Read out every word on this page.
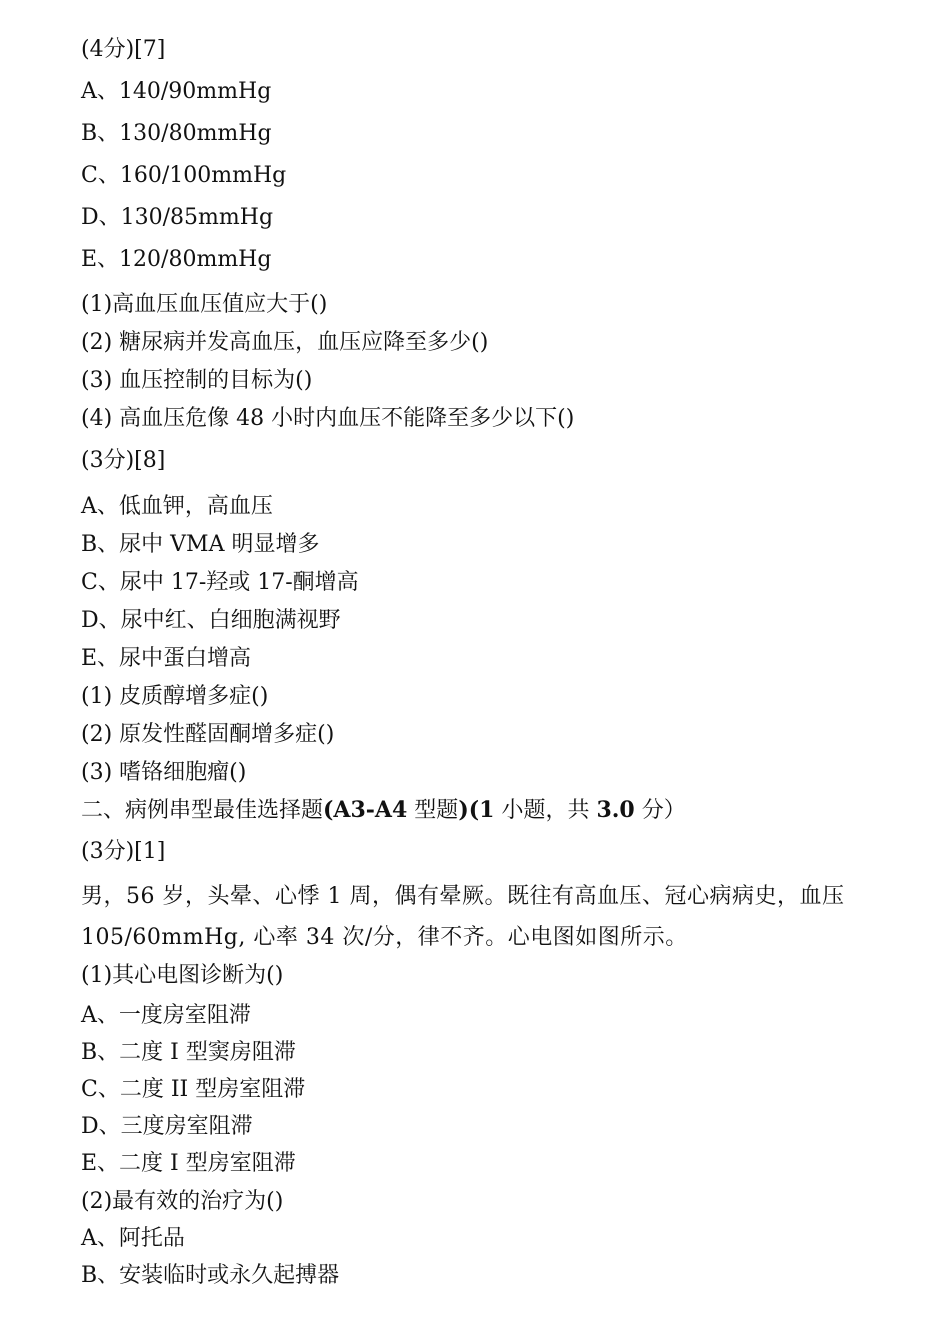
(4分)[7]
A、140/90mmHg
B、130/80mmHg
C、160/100mmHg
D、130/85mmHg
E、120/80mmHg
(1)高血压血压值应大于()
(2) 糖尿病并发高血压，血压应降至多少()
(3) 血压控制的目标为()
(4) 高血压危像 48 小时内血压不能降至多少以下()
(3分)[8]
A、低血钾，高血压
B、尿中 VMA 明显增多
C、尿中 17-羟或 17-酮增高
D、尿中红、白细胞满视野
E、尿中蛋白增高
(1) 皮质醇增多症()
(2) 原发性醛固酮增多症()
(3) 嗜铬细胞瘤()
二、病例串型最佳选择题(A3-A4 型题)(1 小题，共 3.0 分）
(3分)[1]
男，56 岁，头晕、心悸 1 周，偶有晕厥。既往有高血压、冠心病病史，血压 105/60mmHg, 心率 34 次/分，律不齐。心电图如图所示。
(1)其心电图诊断为()
A、一度房室阻滞
B、二度 I 型窦房阻滞
C、二度 II 型房室阻滞
D、三度房室阻滞
E、二度 I 型房室阻滞
(2)最有效的治疗为()
A、阿托品
B、安装临时或永久起搏器
